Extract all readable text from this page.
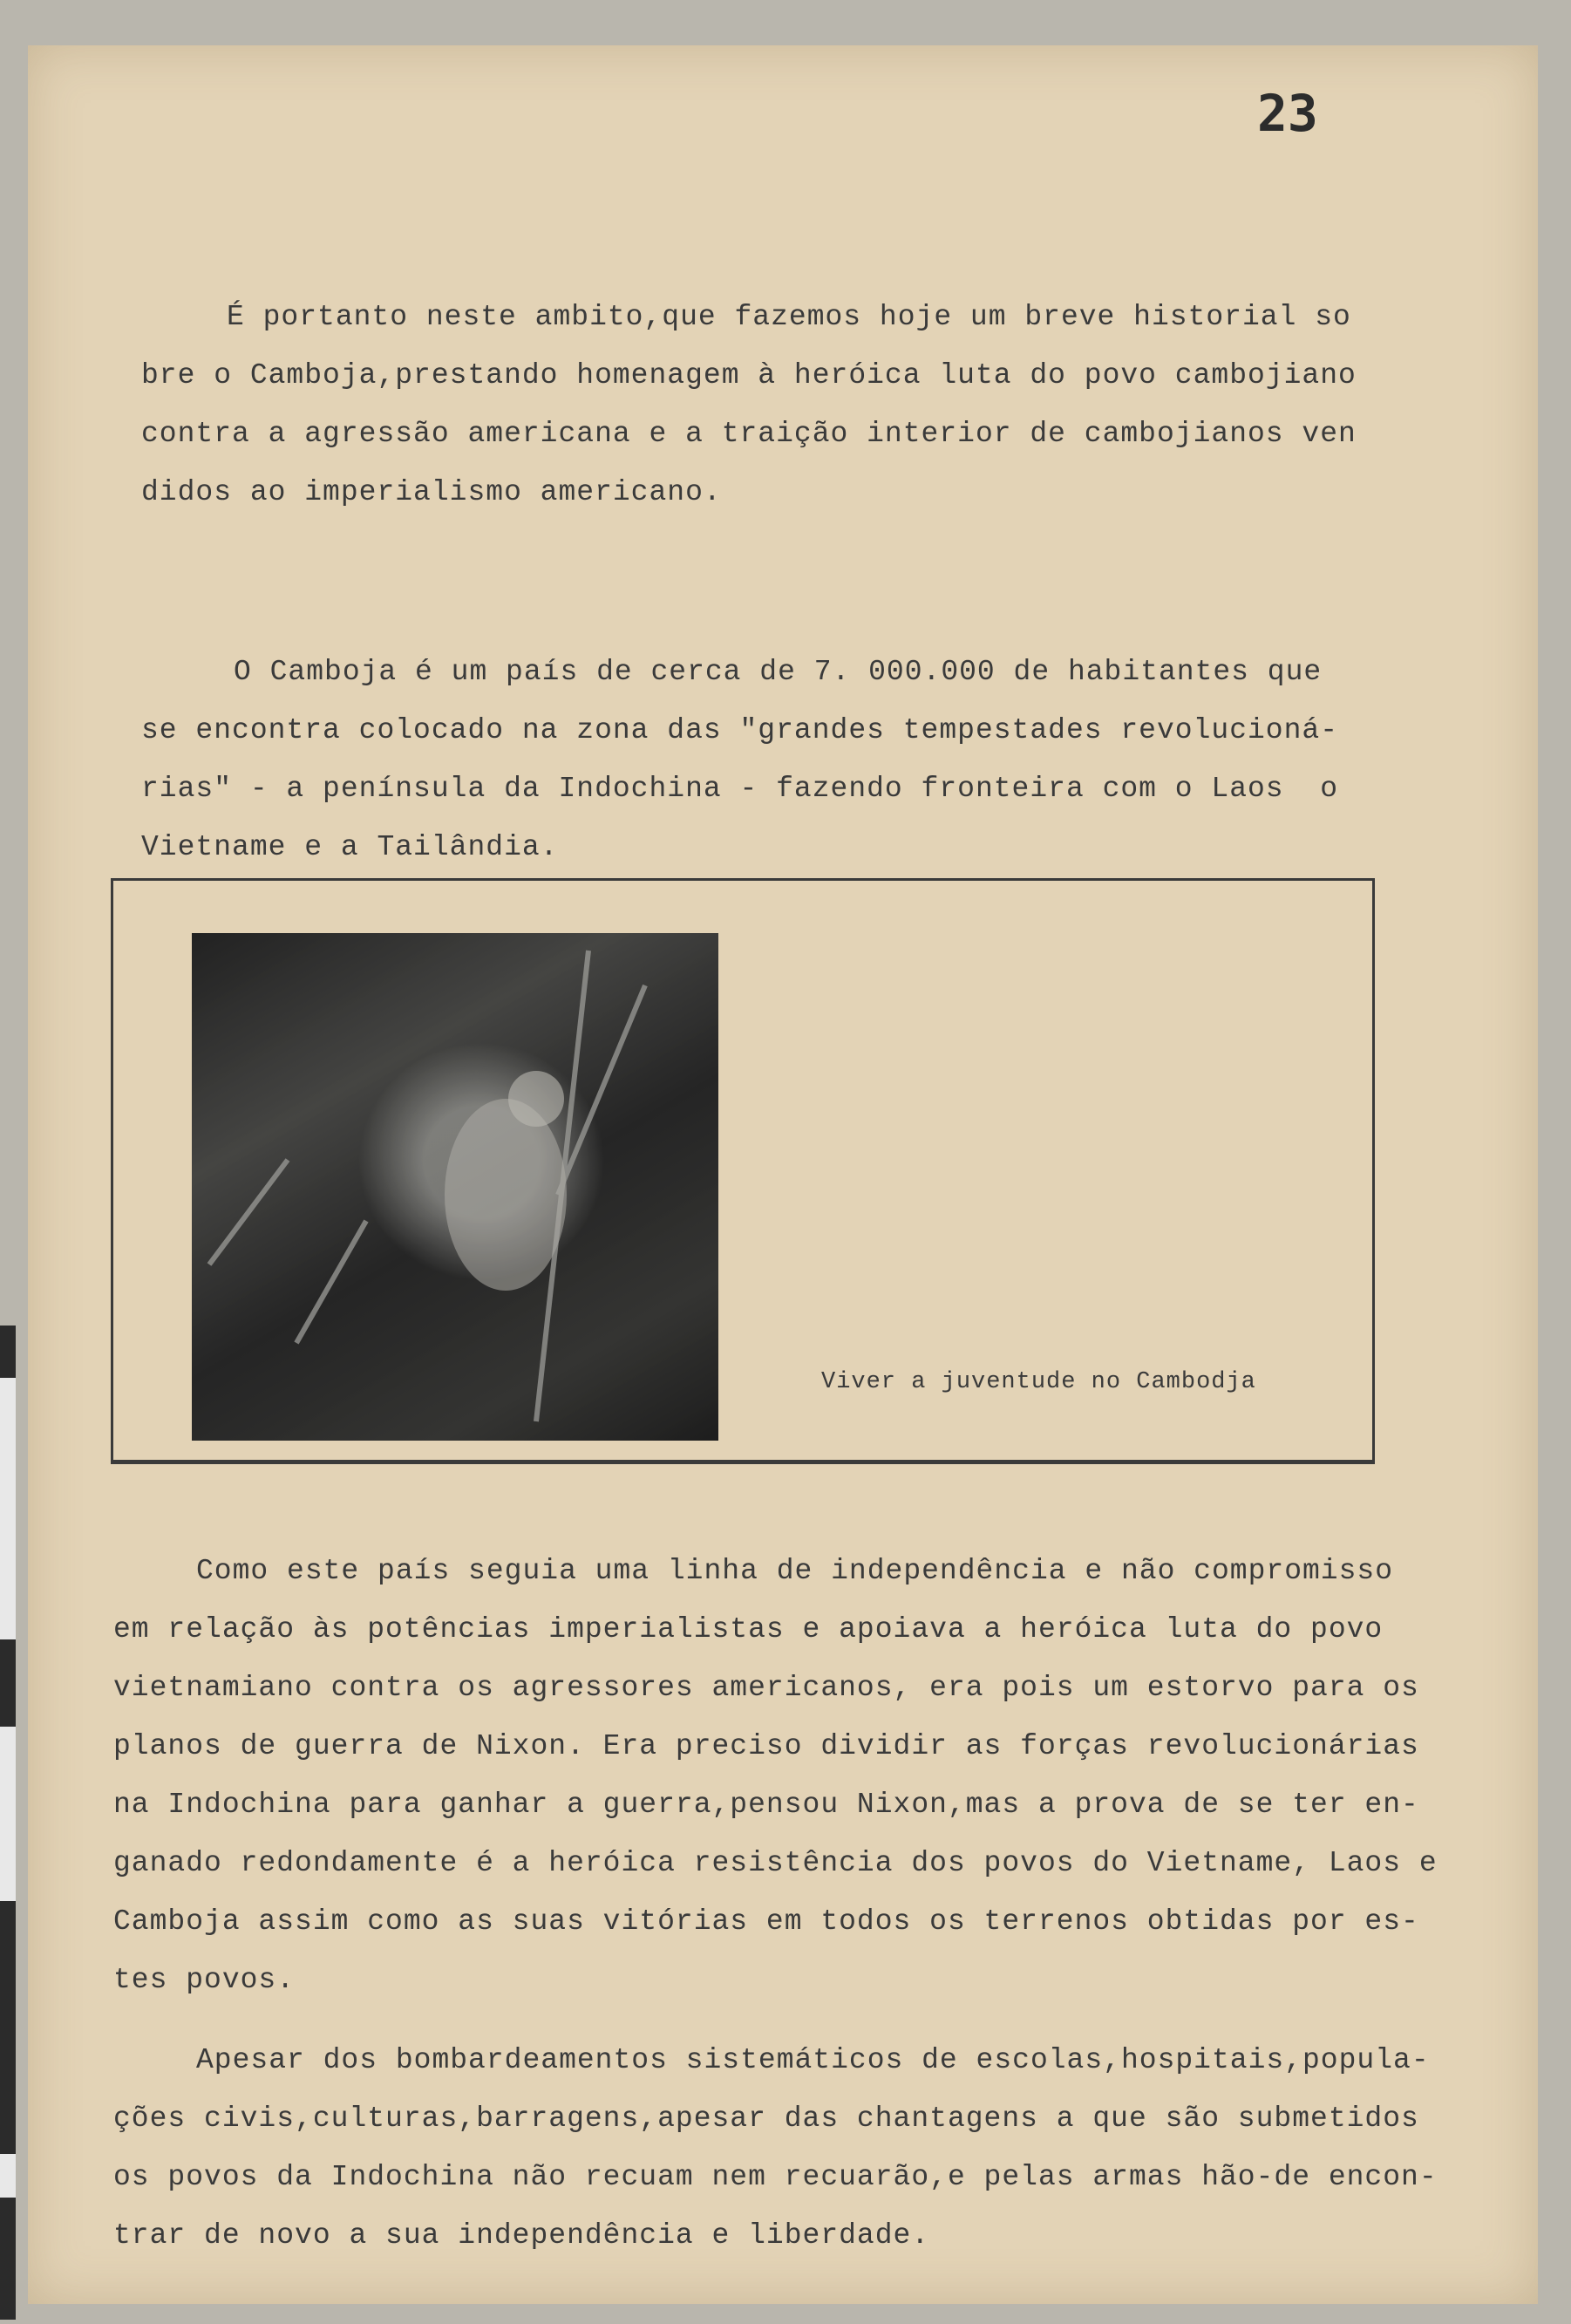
23
É portanto neste ambito,que fazemos hoje um breve historial so
bre o Camboja,prestando homenagem à heróica luta do povo cambojiano
contra a agressão americana e a traição interior de cambojianos ven
didos ao imperialismo americano.
O Camboja é um país de cerca de 7. 000.000 de habitantes que
se encontra colocado na zona das "grandes tempestades revolucioná-
rias" - a península da Indochina - fazendo fronteira com o Laos  o
Vietname e a Tailândia.
Viver a juventude no Cambodja
Como este país seguia uma linha de independência e não compromisso
em relação às potências imperialistas e apoiava a heróica luta do povo
vietnamiano contra os agressores americanos, era pois um estorvo para os
planos de guerra de Nixon. Era preciso dividir as forças revolucionárias
na Indochina para ganhar a guerra,pensou Nixon,mas a prova de se ter en-
ganado redondamente é a heróica resistência dos povos do Vietname, Laos e
Camboja assim como as suas vitórias em todos os terrenos obtidas por es-
tes povos.
Apesar dos bombardeamentos sistemáticos de escolas,hospitais,popula-
ções civis,culturas,barragens,apesar das chantagens a que são submetidos
os povos da Indochina não recuam nem recuarão,e pelas armas hão-de encon-
trar de novo a sua independência e liberdade.
